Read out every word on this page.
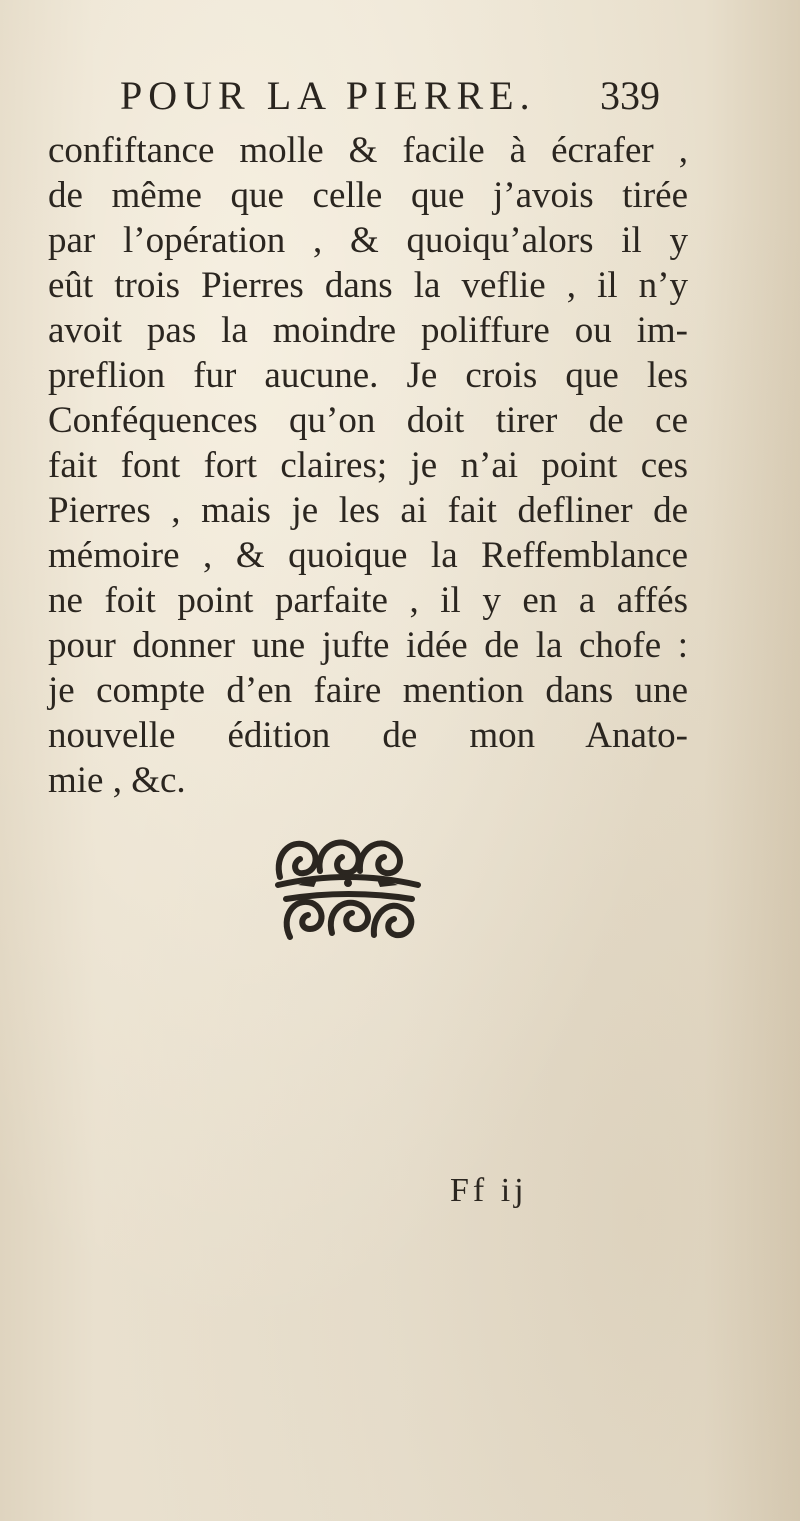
POUR LA PIERRE. 339
confiftance molle & facile à écrafer ,
de même que celle que j’avois tirée
par l’opération , & quoiqu’alors il y
eût trois Pierres dans la veflie , il n’y
avoit pas la moindre poliffure ou im-
preflion fur aucune. Je crois que les
Conféquences qu’on doit tirer de ce
fait font fort claires; je n’ai point ces
Pierres , mais je les ai fait defliner de
mémoire , & quoique la Reffemblance
ne foit point parfaite , il y en a affés
pour donner une jufte idée de la chofe :
je compte d’en faire mention dans une
nouvelle édition de mon Anato-
mie , &c.
Ff ij
